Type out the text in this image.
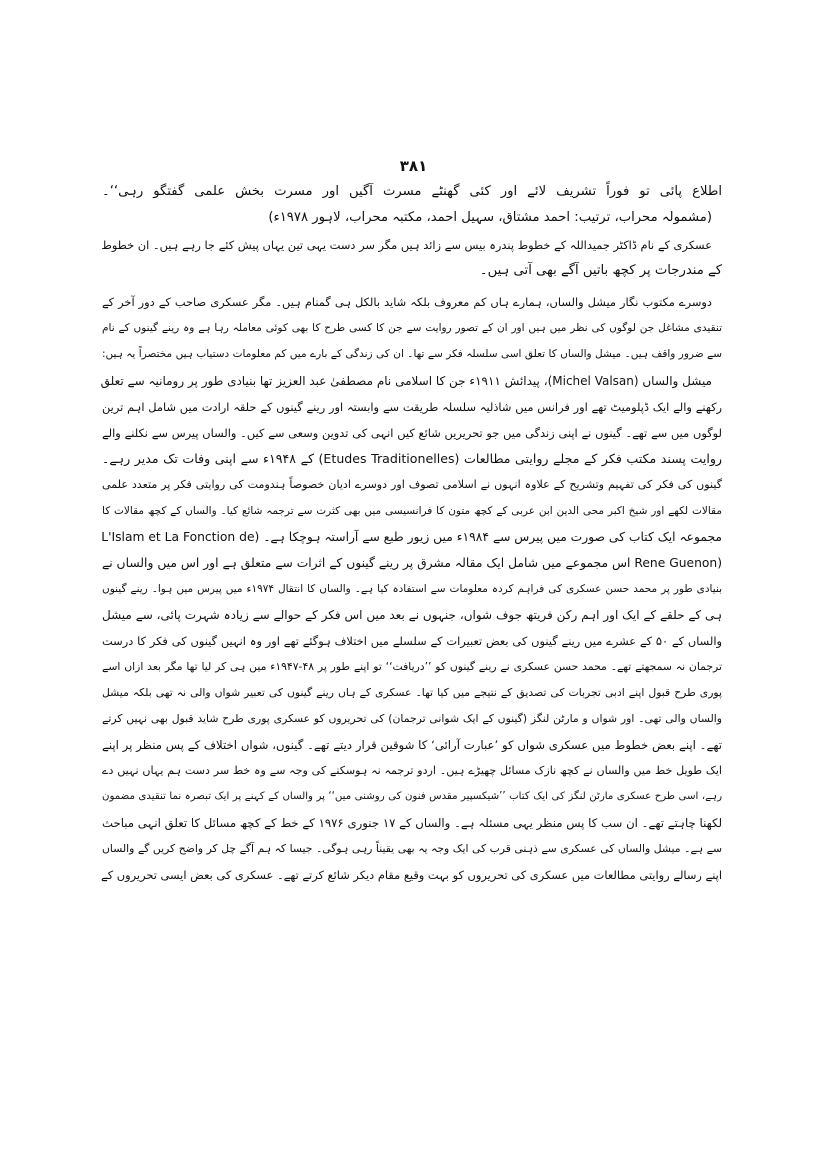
۳۸۱
اطلاع پائی تو فوراً تشریف لائے اور کئی گھنٹے مسرت آگیں اور مسرت بخش علمی گفتگو رہی‘‘۔
(مشمولہ محراب، ترتیب: احمد مشتاق، سہیل احمد، مکتبہ محراب، لاہور ۱۹۷۸ء)
عسکری کے نام ڈاکٹر جمیداللہ کے خطوط پندرہ بیس سے زائد ہیں مگر سر دست یہی تین یہاں پیش کئے جا رہے ہیں۔ ان خطوط
کے مندرجات پر کچھ باتیں آگے بھی آتی ہیں۔
دوسرے مکتوب نگار میشل والساں، ہمارے ہاں کم معروف بلکہ شاید بالکل ہی گمنام ہیں۔ مگر عسکری صاحب کے دور آخر کے
تنقیدی مشاغل جن لوگوں کی نظر میں ہیں اور ان کے تصور روایت سے جن کا کسی طرح کا بھی کوئی معاملہ رہا ہے وہ رینے گینوں کے نام
سے ضرور واقف ہیں۔ میشل والساں کا تعلق اسی سلسلہ فکر سے تھا۔ ان کی زندگی کے بارے میں کم معلومات دستیاب ہیں مختصراً یہ ہیں:
میشل والساں (Michel Valsan)، پیدائش ۱۹۱۱ء جن کا اسلامی نام مصطفیٰ عبد العزیز تھا بنیادی طور پر رومانیہ سے تعلق
رکھنے والے ایک ڈپلومیٹ تھے اور فرانس میں شاذلیہ سلسلہ طریقت سے وابستہ اور رینے گینوں کے حلقہ ارادت میں شامل اہم ترین
لوگوں میں سے تھے۔ گینوں نے اپنی زندگی میں جو تحریریں شائع کیں انہی کی تدوین وسعی سے کیں۔ والساں پیرس سے نکلنے والے
روایت پسند مکتب فکر کے مجلے روایتی مطالعات (Etudes Traditionelles) کے ۱۹۴۸ء سے اپنی وفات تک مدیر رہے۔
گینوں کی فکر کی تفہیم وتشریح کے علاوہ انہوں نے اسلامی تصوف اور دوسرے ادیان خصوصاً ہندومت کی روایتی فکر پر متعدد علمی
مقالات لکھے اور شیخ اکبر محی الدین ابن عربی کے کچھ متون کا فرانسیسی میں بھی کثرت سے ترجمہ شائع کیا۔ والساں کے کچھ مقالات کا
مجموعہ ایک کتاب کی صورت میں پیرس سے ۱۹۸۴ء میں زیور طبع سے آراستہ ہوچکا ہے۔ (L'Islam et La Fonction de
(Rene Guenon اس مجموعے میں شامل ایک مقالہ مشرق پر رینے گینوں کے اثرات سے متعلق ہے اور اس میں والساں نے
بنیادی طور پر محمد حسن عسکری کی فراہم کردہ معلومات سے استفادہ کیا ہے۔ والساں کا انتقال ۱۹۷۴ء میں پیرس میں ہوا۔ رینے گینوں
ہی کے حلقے کے ایک اور اہم رکن فریتھ جوف شواں، جنہوں نے بعد میں اس فکر کے حوالے سے زیادہ شہرت پائی، سے میشل
والساں کے ۵۰ کے عشرے میں رینے گینوں کی بعض تعبیرات کے سلسلے میں اختلاف ہوگئے تھے اور وہ انہیں گینوں کی فکر کا درست
ترجمان نہ سمجھتے تھے۔ محمد حسن عسکری نے رینے گینوں کو ’’دریافت‘‘ تو اپنے طور پر ۴۸-۱۹۴۷ء میں ہی کر لیا تھا مگر بعد ازاں اسے
پوری طرح قبول اپنے ادبی تجربات کی تصدیق کے نتیجے میں کیا تھا۔ عسکری کے ہاں رینے گینوں کی تعبیر شواں والی نہ تھی بلکہ میشل
والساں والی تھی۔ اور شواں و مارٹن لنگز (گینوں کے ایک شوانی ترجمان) کی تحریروں کو عسکری پوری طرح شاید قبول بھی نہیں کرتے
تھے۔ اپنے بعض خطوط میں عسکری شواں کو ’عبارت آرائی‘ کا شوقین قرار دیتے تھے۔ گینوں، شواں اختلاف کے پس منظر پر اپنے
ایک طویل خط میں والساں نے کچھ نازک مسائل چھیڑے ہیں۔ اردو ترجمہ نہ ہوسکنے کی وجہ سے وہ خط سر دست ہم یہاں نہیں دے
رہے، اسی طرح عسکری مارٹن لنگز کی ایک کتاب ’’شیکسپیر مقدس فنون کی روشنی میں‘‘ پر والساں کے کہنے پر ایک تبصرہ نما تنقیدی مضمون
لکھنا چاہتے تھے۔ ان سب کا پس منظر یہی مسئلہ ہے۔ والساں کے ۱۷ جنوری ۱۹۷۶ کے خط کے کچھ مسائل کا تعلق انہی مباحث
سے ہے۔ میشل والساں کی عسکری سے ذہنی قرب کی ایک وجہ یہ بھی یقیناً رہی ہوگی۔ جیسا کہ ہم آگے چل کر واضح کریں گے والساں
اپنے رسالے روایتی مطالعات میں عسکری کی تحریروں کو بہت وقیع مقام دیکر شائع کرتے تھے۔ عسکری کی بعض ایسی تحریروں کے
